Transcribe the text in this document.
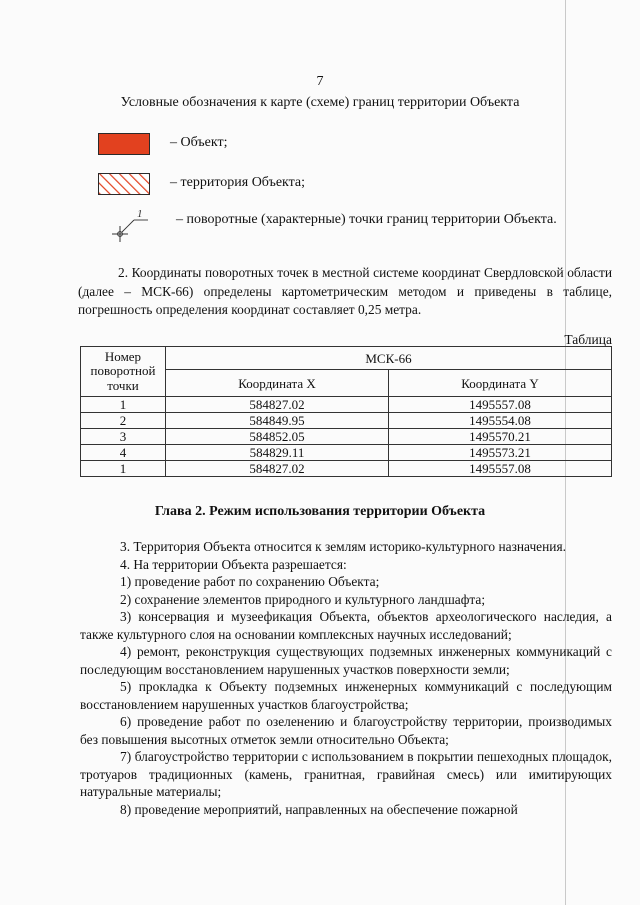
7
Условные обозначения к карте (схеме) границ территории Объекта
– Объект;
– территория Объекта;
1 – поворотные (характерные) точки границ территории Объекта.
2. Координаты поворотных точек в местной системе координат Свердловской области (далее – МСК-66) определены картометрическим методом и приведены в таблице, погрешность определения координат составляет 0,25 метра.
Таблица
Номер поворотной точки	МСК-66	
	Координата X	Координата Y
1	584827.02	1495557.08
2	584849.95	1495554.08
3	584852.05	1495570.21
4	584829.11	1495573.21
1	584827.02	1495557.08
Глава 2. Режим использования территории Объекта
3. Территория Объекта относится к землям историко-культурного назначения.
4. На территории Объекта разрешается:
1) проведение работ по сохранению Объекта;
2) сохранение элементов природного и культурного ландшафта;
3) консервация и музеефикация Объекта, объектов археологического наследия, а также культурного слоя на основании комплексных научных исследований;
4) ремонт, реконструкция существующих подземных инженерных коммуникаций с последующим восстановлением нарушенных участков поверхности земли;
5) прокладка к Объекту подземных инженерных коммуникаций с последующим восстановлением нарушенных участков благоустройства;
6) проведение работ по озеленению и благоустройству территории, производимых без повышения высотных отметок земли относительно Объекта;
7) благоустройство территории с использованием в покрытии пешеходных площадок, тротуаров традиционных (камень, гранитная, гравийная смесь) или имитирующих натуральные материалы;
8) проведение мероприятий, направленных на обеспечение пожарной
